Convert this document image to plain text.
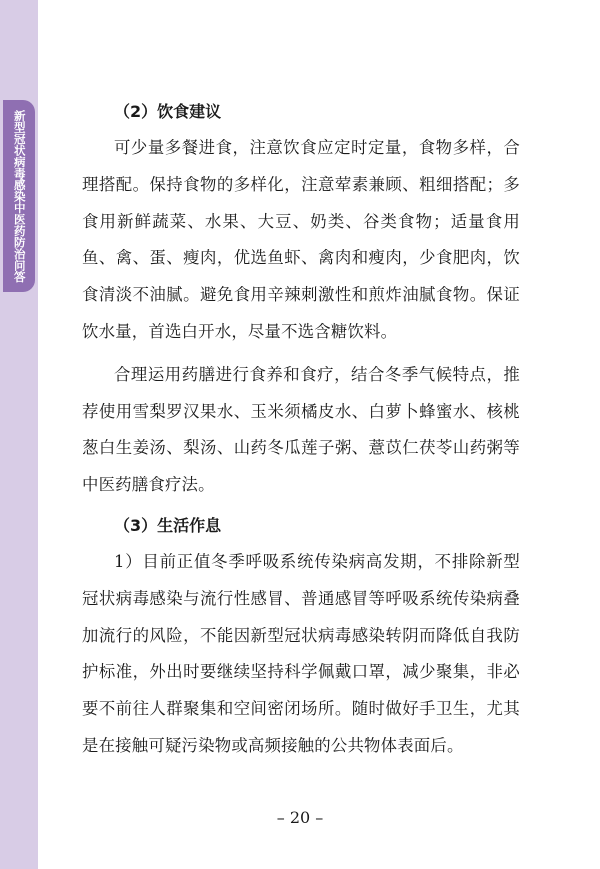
新型冠状病毒感染中医药防治问答	（2）饮食建议

可少量多餐进食，注意饮食应定时定量，食物多样，合理搭配。保持食物的多样化，注意荤素兼顾、粗细搭配；多食用新鲜蔬菜、水果、大豆、奶类、谷类食物；适量食用鱼、禽、蛋、瘦肉，优选鱼虾、禽肉和瘦肉，少食肥肉，饮食清淡不油腻。避免食用辛辣刺激性和煎炸油腻食物。保证饮水量，首选白开水，尽量不选含糖饮料。

合理运用药膳进行食养和食疗，结合冬季气候特点，推荐使用雪梨罗汉果水、玉米须橘皮水、白萝卜蜂蜜水、核桃葱白生姜汤、梨汤、山药冬瓜莲子粥、薏苡仁茯苓山药粥等中医药膳食疗法。

（3）生活作息

1）目前正值冬季呼吸系统传染病高发期，不排除新型冠状病毒感染与流行性感冒、普通感冒等呼吸系统传染病叠加流行的风险，不能因新型冠状病毒感染转阴而降低自我防护标准，外出时要继续坚持科学佩戴口罩，减少聚集，非必要不前往人群聚集和空间密闭场所。随时做好手卫生，尤其是在接触可疑污染物或高频接触的公共物体表面后。

– 20 –
